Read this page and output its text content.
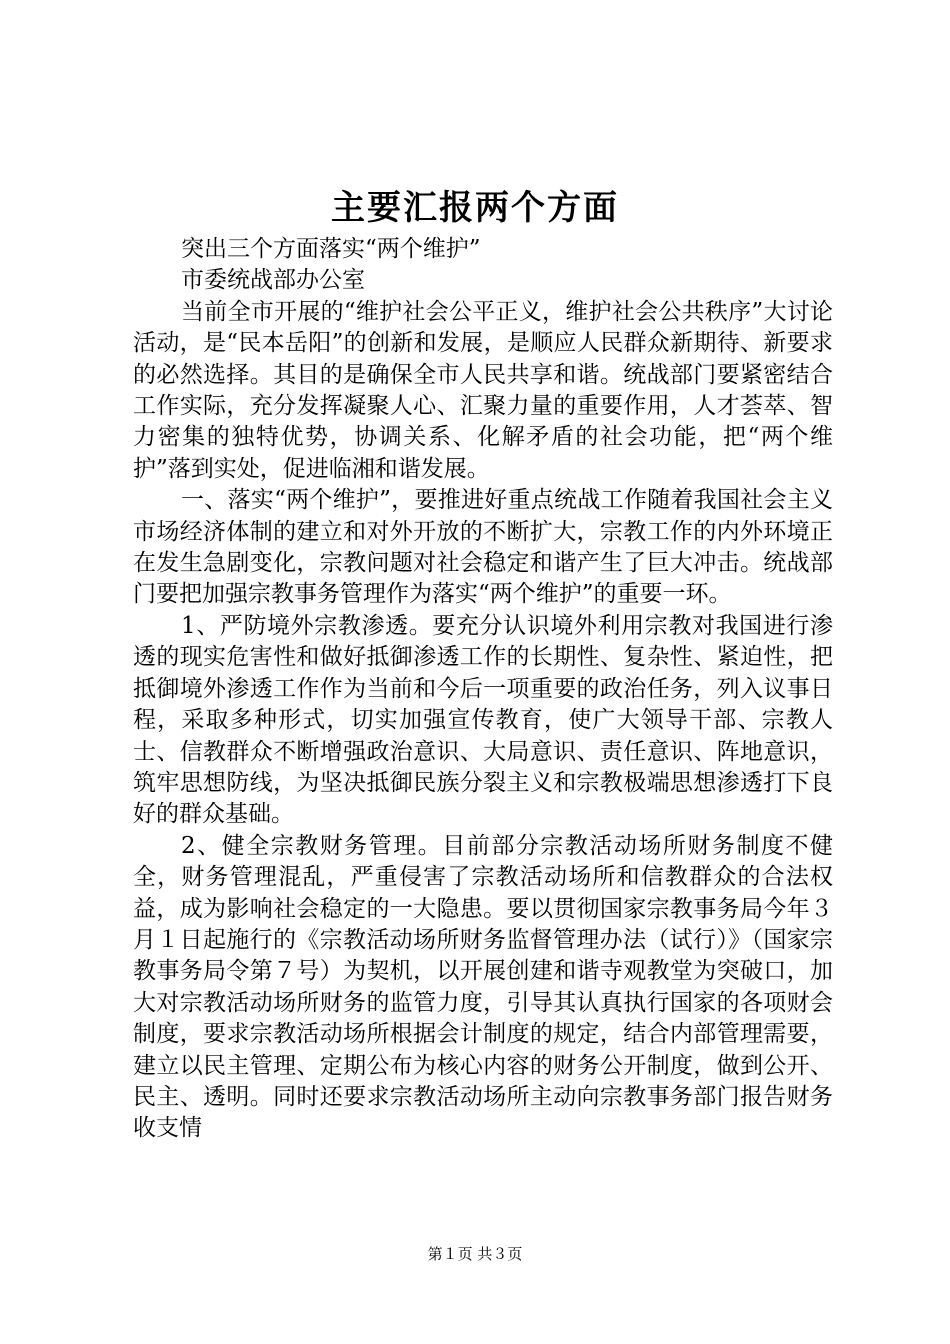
主要汇报两个方面

突出三个方面落实“两个维护”

市委统战部办公室

当前全市开展的“维护社会公平正义，维护社会公共秩序”大讨论活动，是“民本岳阳”的创新和发展，是顺应人民群众新期待、新要求的必然选择。其目的是确保全市人民共享和谐。统战部门要紧密结合工作实际，充分发挥凝聚人心、汇聚力量的重要作用，人才荟萃、智力密集的独特优势，协调关系、化解矛盾的社会功能，把“两个维护”落到实处，促进临湘和谐发展。

一、落实“两个维护”，要推进好重点统战工作随着我国社会主义市场经济体制的建立和对外开放的不断扩大，宗教工作的内外环境正在发生急剧变化，宗教问题对社会稳定和谐产生了巨大冲击。统战部门要把加强宗教事务管理作为落实“两个维护”的重要一环。

1、严防境外宗教渗透。要充分认识境外利用宗教对我国进行渗透的现实危害性和做好抵御渗透工作的长期性、复杂性、紧迫性，把抵御境外渗透工作作为当前和今后一项重要的政治任务，列入议事日程，采取多种形式，切实加强宣传教育，使广大领导干部、宗教人士、信教群众不断增强政治意识、大局意识、责任意识、阵地意识，筑牢思想防线，为坚决抵御民族分裂主义和宗教极端思想渗透打下良好的群众基础。

2、健全宗教财务管理。目前部分宗教活动场所财务制度不健全，财务管理混乱，严重侵害了宗教活动场所和信教群众的合法权益，成为影响社会稳定的一大隐患。要以贯彻国家宗教事务局今年３月１日起施行的《宗教活动场所财务监督管理办法（试行）》（国家宗教事务局令第７号）为契机，以开展创建和谐寺观教堂为突破口，加大对宗教活动场所财务的监管力度，引导其认真执行国家的各项财会制度，要求宗教活动场所根据会计制度的规定，结合内部管理需要，建立以民主管理、定期公布为核心内容的财务公开制度，做到公开、民主、透明。同时还要求宗教活动场所主动向宗教事务部门报告财务收支情

第１页 共３页
